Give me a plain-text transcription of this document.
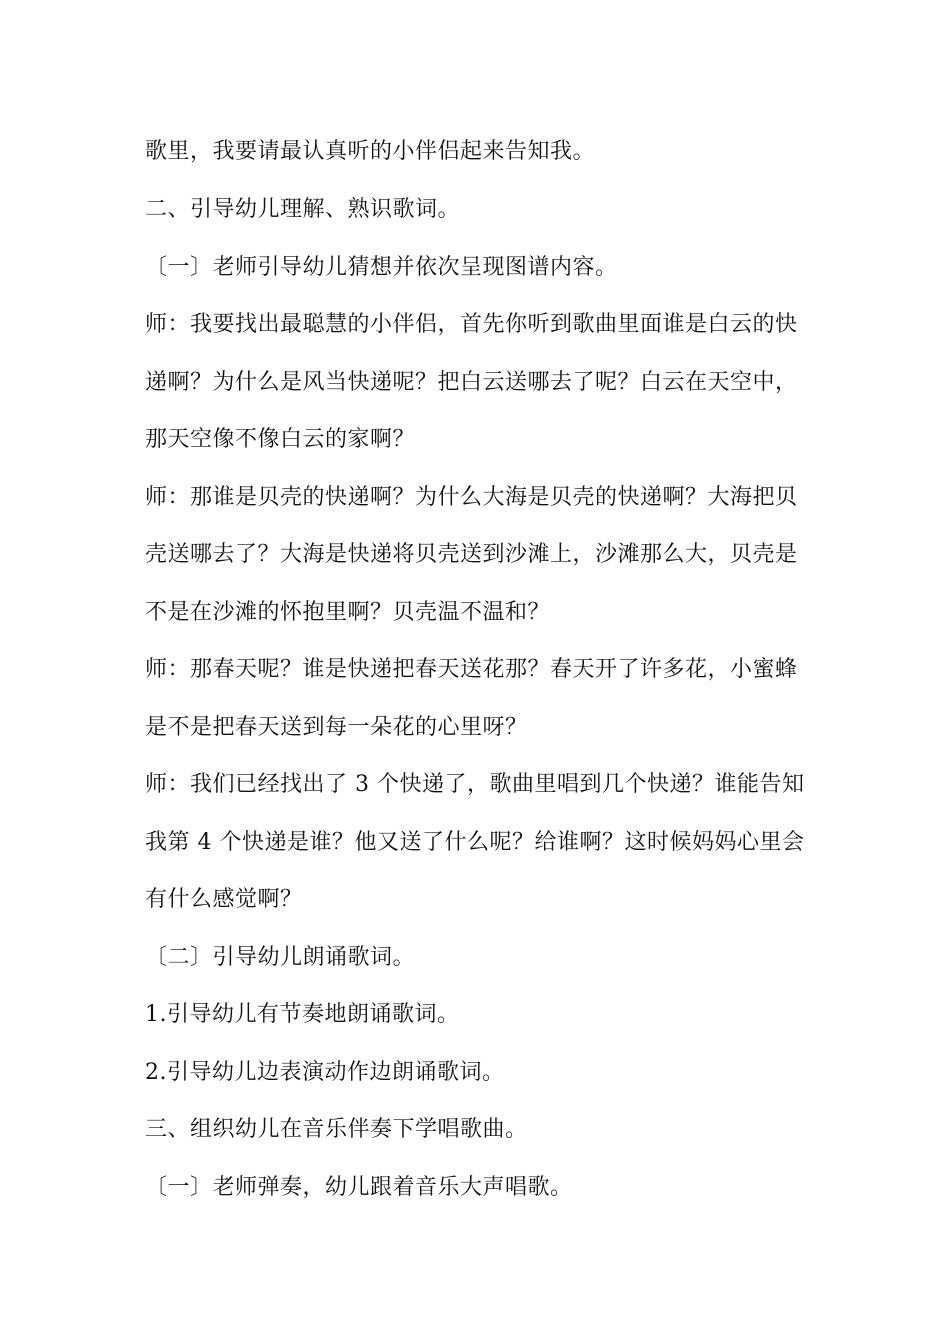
歌里，我要请最认真听的小伴侣起来告知我。
二、引导幼儿理解、熟识歌词。
〔一〕老师引导幼儿猜想并依次呈现图谱内容。
师：我要找出最聪慧的小伴侣，首先你听到歌曲里面谁是白云的快
递啊？为什么是风当快递呢？把白云送哪去了呢？白云在天空中，
那天空像不像白云的家啊？
师：那谁是贝壳的快递啊？为什么大海是贝壳的快递啊？大海把贝
壳送哪去了？大海是快递将贝壳送到沙滩上，沙滩那么大，贝壳是
不是在沙滩的怀抱里啊？贝壳温不温和？
师：那春天呢？谁是快递把春天送花那？春天开了许多花，小蜜蜂
是不是把春天送到每一朵花的心里呀？
师：我们已经找出了 3 个快递了，歌曲里唱到几个快递？谁能告知
我第 4 个快递是谁？他又送了什么呢？给谁啊？这时候妈妈心里会
有什么感觉啊？
〔二〕引导幼儿朗诵歌词。
1.引导幼儿有节奏地朗诵歌词。
2.引导幼儿边表演动作边朗诵歌词。
三、组织幼儿在音乐伴奏下学唱歌曲。
〔一〕老师弹奏，幼儿跟着音乐大声唱歌。
